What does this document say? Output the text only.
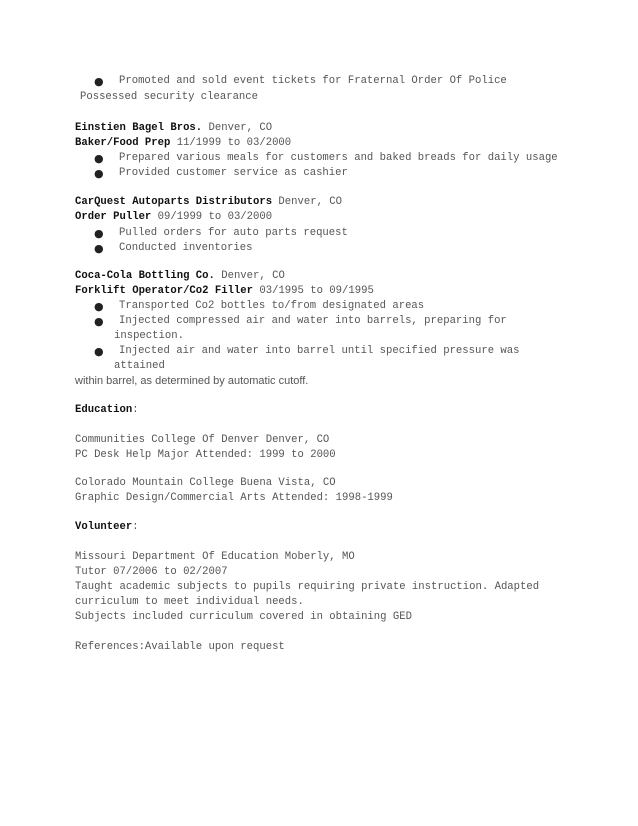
● Promoted and sold event tickets for Fraternal Order Of Police
Possessed security clearance
Einstien Bagel Bros. Denver, CO
Baker/Food Prep 11/1999 to 03/2000
● Prepared various meals for customers and baked breads for daily usage
● Provided customer service as cashier
CarQuest Autoparts Distributors Denver, CO
Order Puller 09/1999 to 03/2000
● Pulled orders for auto parts request
● Conducted inventories
Coca-Cola Bottling Co. Denver, CO
Forklift Operator/Co2 Filler 03/1995 to 09/1995
● Transported Co2 bottles to/from designated areas
● Injected compressed air and water into barrels, preparing for
inspection.
● Injected air and water into barrel until specified pressure was
attained
within barrel, as determined by automatic cutoff.
Education:
Communities College Of Denver Denver, CO
PC Desk Help Major Attended: 1999 to 2000
Colorado Mountain College Buena Vista, CO
Graphic Design/Commercial Arts Attended: 1998-1999
Volunteer:
Missouri Department Of Education Moberly, MO
Tutor 07/2006 to 02/2007
Taught academic subjects to pupils requiring private instruction. Adapted
curriculum to meet individual needs.
Subjects included curriculum covered in obtaining GED
References:Available upon request
